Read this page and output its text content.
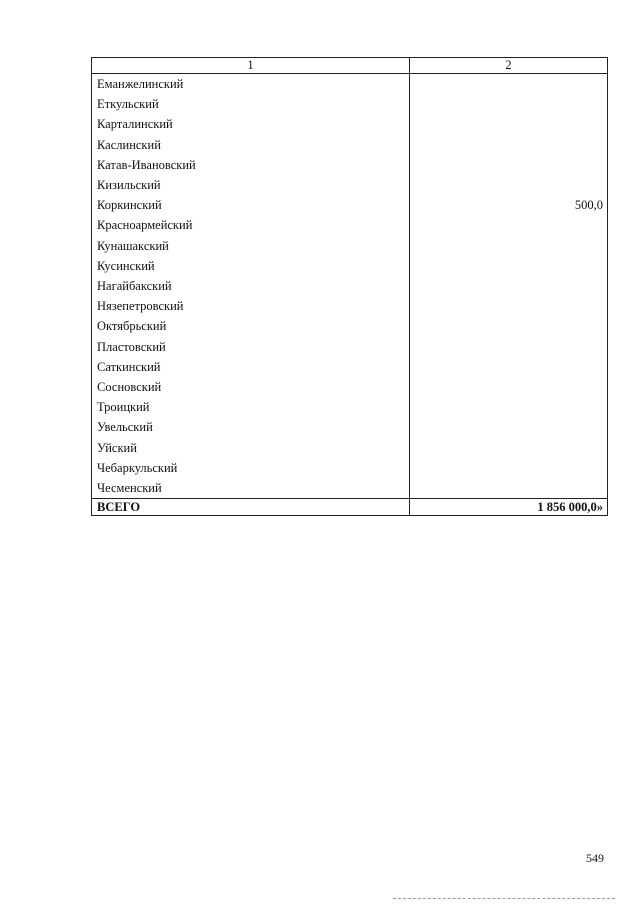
1	2
Еманжелинский	
Еткульский	
Карталинский	
Каслинский	
Катав-Ивановский	
Кизильский	
Коркинский	500,0
Красноармейский	
Кунашакский	
Кусинский	
Нагайбакский	
Нязепетровский	
Октябрьский	
Пластовский	
Саткинский	
Сосновский	
Троицкий	
Увельский	
Уйский	
Чебаркульский	
Чесменский	
ВСЕГО	1 856 000,0»
549
